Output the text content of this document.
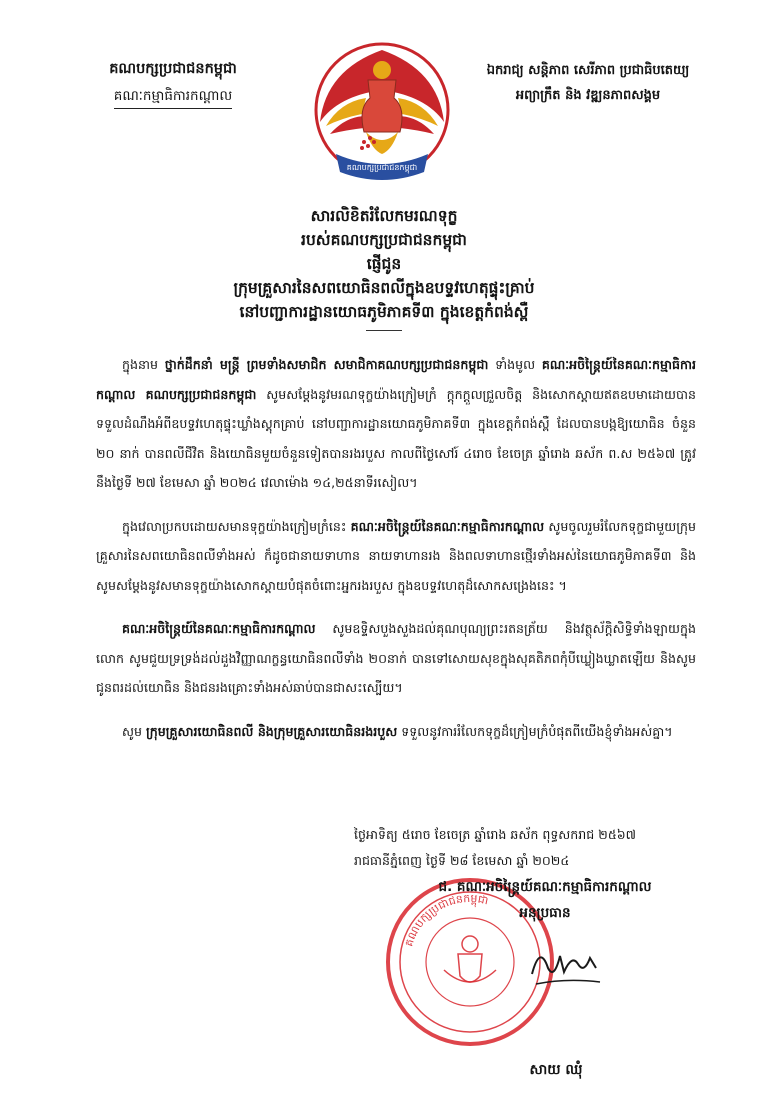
គណបក្សប្រជាជនកម្ពុជា
គណៈកម្មាធិការកណ្តាល
គណបក្សប្រជាជនកម្ពុជា
ឯករាជ្យ សន្តិភាព សេរីភាព ប្រជាធិបតេយ្យ
អព្យាក្រឹត និង វឌ្ឍនភាពសង្គម
សារលិខិតរំលែកមរណទុក្ខ
របស់គណបក្សប្រជាជនកម្ពុជា
ផ្ញើជូន
ក្រុមគ្រួសារនៃសពយោធិនពលីក្នុងឧបទ្ទវហេតុផ្ទុះគ្រាប់
នៅបញ្ជាការដ្ឋានយោធភូមិភាគទី៣ ក្នុងខេត្តកំពង់ស្ពឺ

ក្នុងនាម ថ្នាក់ដឹកនាំ មន្ត្រី ព្រមទាំងសមាជិក សមាជិកាគណបក្សប្រជាជនកម្ពុជា ទាំងមូល គណៈអចិន្ត្រៃយ៍នៃគណៈកម្មាធិការកណ្តាល គណបក្សប្រជាជនកម្ពុជា សូមសម្តែងនូវមរណទុក្ខយ៉ាងក្រៀមក្រំ ក្តុកក្តួលជ្រួលចិត្ត និងសោកស្តាយឥតឧបមាដោយបានទទួលដំណឹងអំពីឧបទ្ទវហេតុផ្ទុះឃ្លាំងស្តុកគ្រាប់ នៅបញ្ជាការដ្ឋានយោធភូមិភាគទី៣ ក្នុងខេត្តកំពង់ស្ពឺ ដែលបានបង្កឱ្យយោធិន ចំនួន ២០ នាក់ បានពលីជីវិត និងយោធិនមួយចំនួនទៀតបានរងរបួស កាលពីថ្ងៃសៅរ៍ ៤រោច ខែចេត្រ ឆ្នាំរោង ឆស័ក ព.ស ២៥៦៧ ត្រូវនឹងថ្ងៃទី ២៧ ខែមេសា ឆ្នាំ ២០២៤ វេលាម៉ោង ១៤,២៥នាទីរសៀល។

ក្នុងវេលាប្រកបដោយសមានទុក្ខយ៉ាងក្រៀមក្រំនេះ គណៈអចិន្ត្រៃយ៍នៃគណៈកម្មាធិការកណ្តាល សូមចូលរួមរំលែកទុក្ខជាមួយក្រុមគ្រួសារនៃសពយោធិនពលីទាំងអស់ ក៏ដូចជានាយទាហាន នាយទាហានរង និងពលទាហានថ្មើរទាំងអស់នៃយោធភូមិភាគទី៣ និងសូមសម្តែងនូវសមានទុក្ខយ៉ាងសោកស្តាយបំផុតចំពោះអ្នករងរបួស ក្នុងឧបទ្ទវហេតុដ៏សោកសង្រេងនេះ ។

គណៈអចិន្ត្រៃយ៍នៃគណៈកម្មាធិការកណ្តាល សូមឧទ្ទិសបួងសួងដល់គុណបុណ្យព្រះរតនត្រ័យ និងវត្ថុស័ក្តិសិទ្ធិទាំងឡាយក្នុងលោក សូមជួយទ្រទ្រង់ដល់ដួងវិញ្ញាណក្ខន្ធយោធិនពលីទាំង ២០នាក់ បានទៅសោយសុខក្នុងសុគតិភពកុំបីឃ្លៀងឃ្លាតឡើយ និងសូមជូនពរដល់យោធិន និងជនរងគ្រោះទាំងអស់ឆាប់បានជាសះស្បើយ។

សូម ក្រុមគ្រួសារយោធិនពលី និងក្រុមគ្រួសារយោធិនរងរបួស ទទួលនូវការរំលែកទុក្ខដ៏ក្រៀមក្រំបំផុតពីយើងខ្ញុំទាំងអស់គ្នា។

ថ្ងៃអាទិត្យ ៥រោច ខែចេត្រ ឆ្នាំរោង ឆស័ក ពុទ្ធសករាជ ២៥៦៧
រាជធានីភ្នំពេញ ថ្ងៃទី ២៨ ខែមេសា ឆ្នាំ ២០២៤
គណបក្សប្រជាជនកម្ពុជា
ជ. គណៈអចិន្ត្រៃយ៍គណៈកម្មាធិការកណ្តាល
អនុប្រធាន
សាយ ឈុំ
